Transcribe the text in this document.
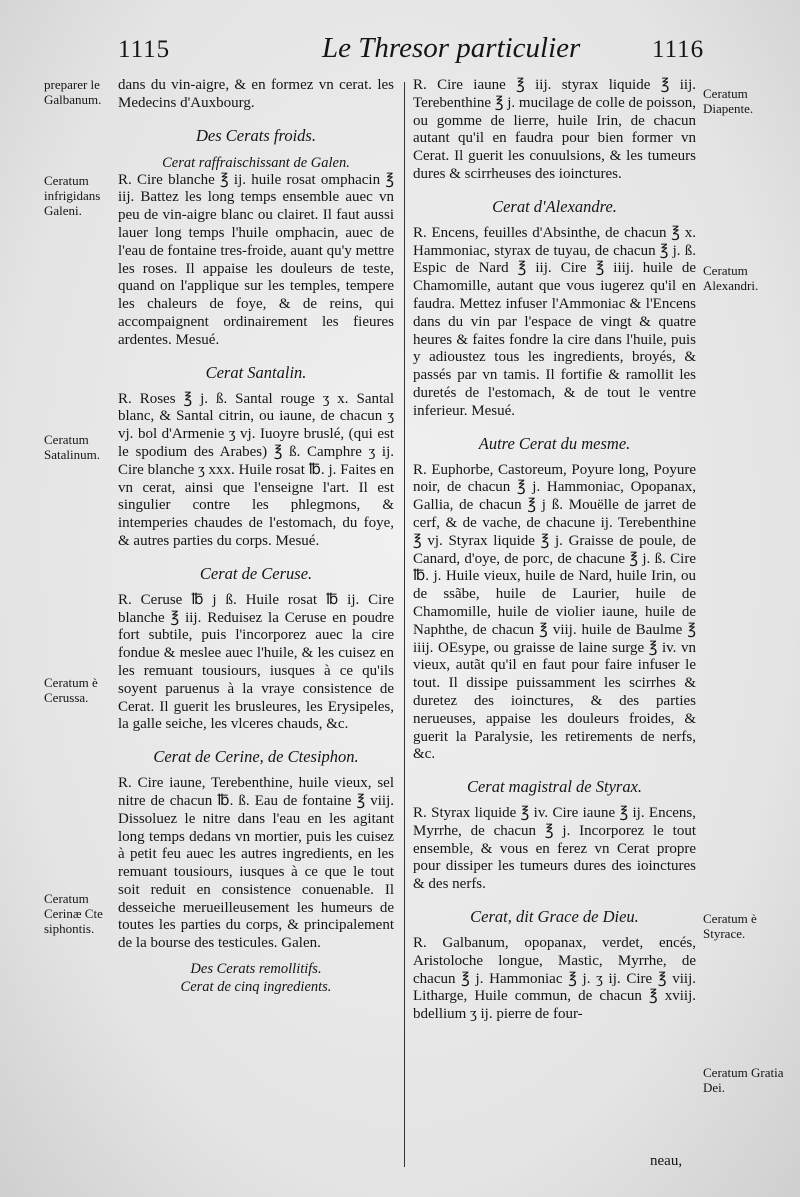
1115	Le Thresor particulier	1116
preparer le Galbanum.
Ceratum infrigidans Galeni.
Ceratum Satalinum.
Ceratum è Cerussa.
Ceratum Cerinæ Cte siphontis.
Ceratum Diapente.
Ceratum Alexandri.
Ceratum è Styrace.
Ceratum Gratia Dei.

dans du vin-aigre, & en formez vn cerat. les Medecins d'Auxbourg.

Des Cerats froids.
Cerat raffraischissant de Galen.

R. Cire blanche ℥ ij. huile rosat omphacin ℥ iij. Battez les long temps ensemble auec vn peu de vin-aigre blanc ou clairet. Il faut aussi lauer long temps l'huile omphacin, auec de l'eau de fontaine tres-froide, auant qu'y mettre les roses. Il appaise les douleurs de teste, quand on l'applique sur les temples, tempere les chaleurs de foye, & de reins, qui accompaignent ordinairement les fieures ardentes. Mesué.

Cerat Santalin.

R. Roses ℥ j. ß. Santal rouge ʒ x. Santal blanc, & Santal citrin, ou iaune, de chacun ʒ vj. bol d'Armenie ʒ vj. Iuoyre bruslé, (qui est le spodium des Arabes) ℥ ß. Camphre ʒ ij. Cire blanche ʒ xxx. Huile rosat ℔. j. Faites en vn cerat, ainsi que l'enseigne l'art. Il est singulier contre les phlegmons, & intemperies chaudes de l'estomach, du foye, & autres parties du corps. Mesué.

Cerat de Ceruse.

R. Ceruse ℔ j ß. Huile rosat ℔ ij. Cire blanche ℥ iij. Reduisez la Ceruse en poudre fort subtile, puis l'incorporez auec la cire fondue & meslee auec l'huile, & les cuisez en les remuant tousiours, iusques à ce qu'ils soyent paruenus à la vraye consistence de Cerat. Il guerit les brusleures, les Erysipeles, la galle seiche, les vlceres chauds, &c.

Cerat de Cerine, de Ctesiphon.

R. Cire iaune, Terebenthine, huile vieux, sel nitre de chacun ℔. ß. Eau de fontaine ℥ viij. Dissoluez le nitre dans l'eau en les agitant long temps dedans vn mortier, puis les cuisez à petit feu auec les autres ingredients, en les remuant tousiours, iusques à ce que le tout soit reduit en consistence conuenable. Il desseiche merueilleusement les humeurs de toutes les parties du corps, & principalement de la bourse des testicules. Galen.

Des Cerats remollitifs.
Cerat de cinq ingredients.

R. Cire iaune ℥ iij. styrax liquide ℥ iij. Terebenthine ℥ j. mucilage de colle de poisson, ou gomme de lierre, huile Irin, de chacun autant qu'il en faudra pour bien former vn Cerat. Il guerit les conuulsions, & les tumeurs dures & scirrheuses des ioinctures.

Cerat d'Alexandre.

R. Encens, feuilles d'Absinthe, de chacun ℥ x. Hammoniac, styrax de tuyau, de chacun ℥ j. ß. Espic de Nard ℥ iij. Cire ℥ iiij. huile de Chamomille, autant que vous iugerez qu'il en faudra. Mettez infuser l'Ammoniac & l'Encens dans du vin par l'espace de vingt & quatre heures & faites fondre la cire dans l'huile, puis y adioustez tous les ingredients, broyés, & passés par vn tamis. Il fortifie & ramollit les duretés de l'estomach, & de tout le ventre inferieur. Mesué.

Autre Cerat du mesme.

R. Euphorbe, Castoreum, Poyure long, Poyure noir, de chacun ℥ j. Hammoniac, Opopanax, Gallia, de chacun ℥ j ß. Mouëlle de jarret de cerf, & de vache, de chacune ij. Terebenthine ℥ vj. Styrax liquide ℥ j. Graisse de poule, de Canard, d'oye, de porc, de chacune ℥ j. ß. Cire ℔. j. Huile vieux, huile de Nard, huile Irin, ou de ssãbe, huile de Laurier, huile de Chamomille, huile de violier iaune, huile de Naphthe, de chacun ℥ viij. huile de Baulme ℥ iiij. OEsype, ou graisse de laine surge ℥ iv. vn vieux, autãt qu'il en faut pour faire infuser le tout. Il dissipe puissamment les scirrhes & duretez des ioinctures, & des parties nerueuses, appaise les douleurs froides, & guerit la Paralysie, les retirements de nerfs, &c.

Cerat magistral de Styrax.

R. Styrax liquide ℥ iv. Cire iaune ℥ ij. Encens, Myrrhe, de chacun ℥ j. Incorporez le tout ensemble, & vous en ferez vn Cerat propre pour dissiper les tumeurs dures des ioinctures & des nerfs.

Cerat, dit Grace de Dieu.

R. Galbanum, opopanax, verdet, encés, Aristoloche longue, Mastic, Myrrhe, de chacun ℥ j. Hammoniac ℥ j. ʒ ij. Cire ℥ viij. Litharge, Huile commun, de chacun ℥ xviij. bdellium ʒ ij. pierre de four-

neau,
